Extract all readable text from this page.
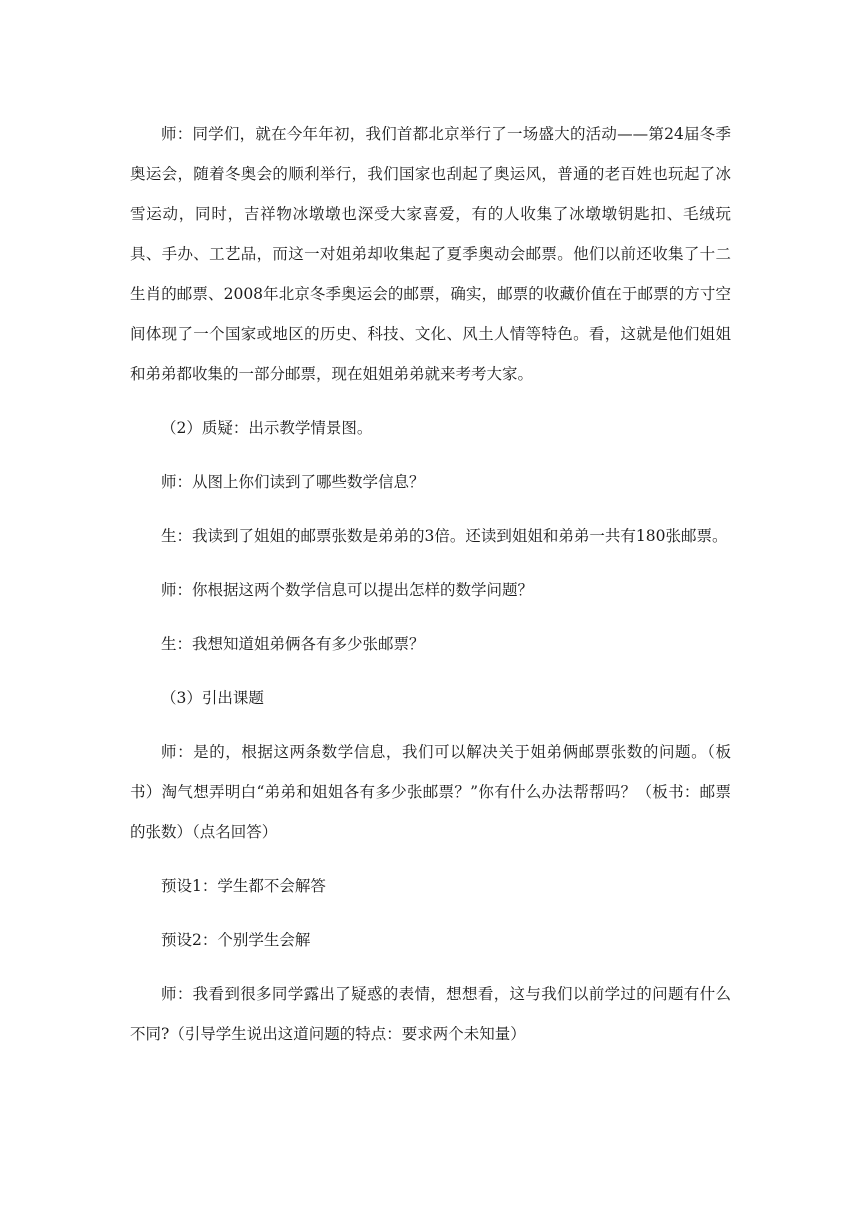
师：同学们，就在今年年初，我们首都北京举行了一场盛大的活动——第24届冬季奥运会，随着冬奥会的顺利举行，我们国家也刮起了奥运风，普通的老百姓也玩起了冰雪运动，同时，吉祥物冰墩墩也深受大家喜爱，有的人收集了冰墩墩钥匙扣、毛绒玩具、手办、工艺品，而这一对姐弟却收集起了夏季奥动会邮票。他们以前还收集了十二生肖的邮票、2008年北京冬季奥运会的邮票，确实，邮票的收藏价值在于邮票的方寸空间体现了一个国家或地区的历史、科技、文化、风土人情等特色。看，这就是他们姐姐和弟弟都收集的一部分邮票，现在姐姐弟弟就来考考大家。

（2）质疑：出示教学情景图。

师：从图上你们读到了哪些数学信息？

生：我读到了姐姐的邮票张数是弟弟的3倍。还读到姐姐和弟弟一共有180张邮票。

师：你根据这两个数学信息可以提出怎样的数学问题？

生：我想知道姐弟俩各有多少张邮票？

（3）引出课题

师：是的，根据这两条数学信息，我们可以解决关于姐弟俩邮票张数的问题。（板书）淘气想弄明白“弟弟和姐姐各有多少张邮票？”你有什么办法帮帮吗？（板书：邮票的张数）（点名回答）

预设1：学生都不会解答

预设2：个别学生会解

师：我看到很多同学露出了疑惑的表情，想想看，这与我们以前学过的问题有什么不同?（引导学生说出这道问题的特点：要求两个未知量）
